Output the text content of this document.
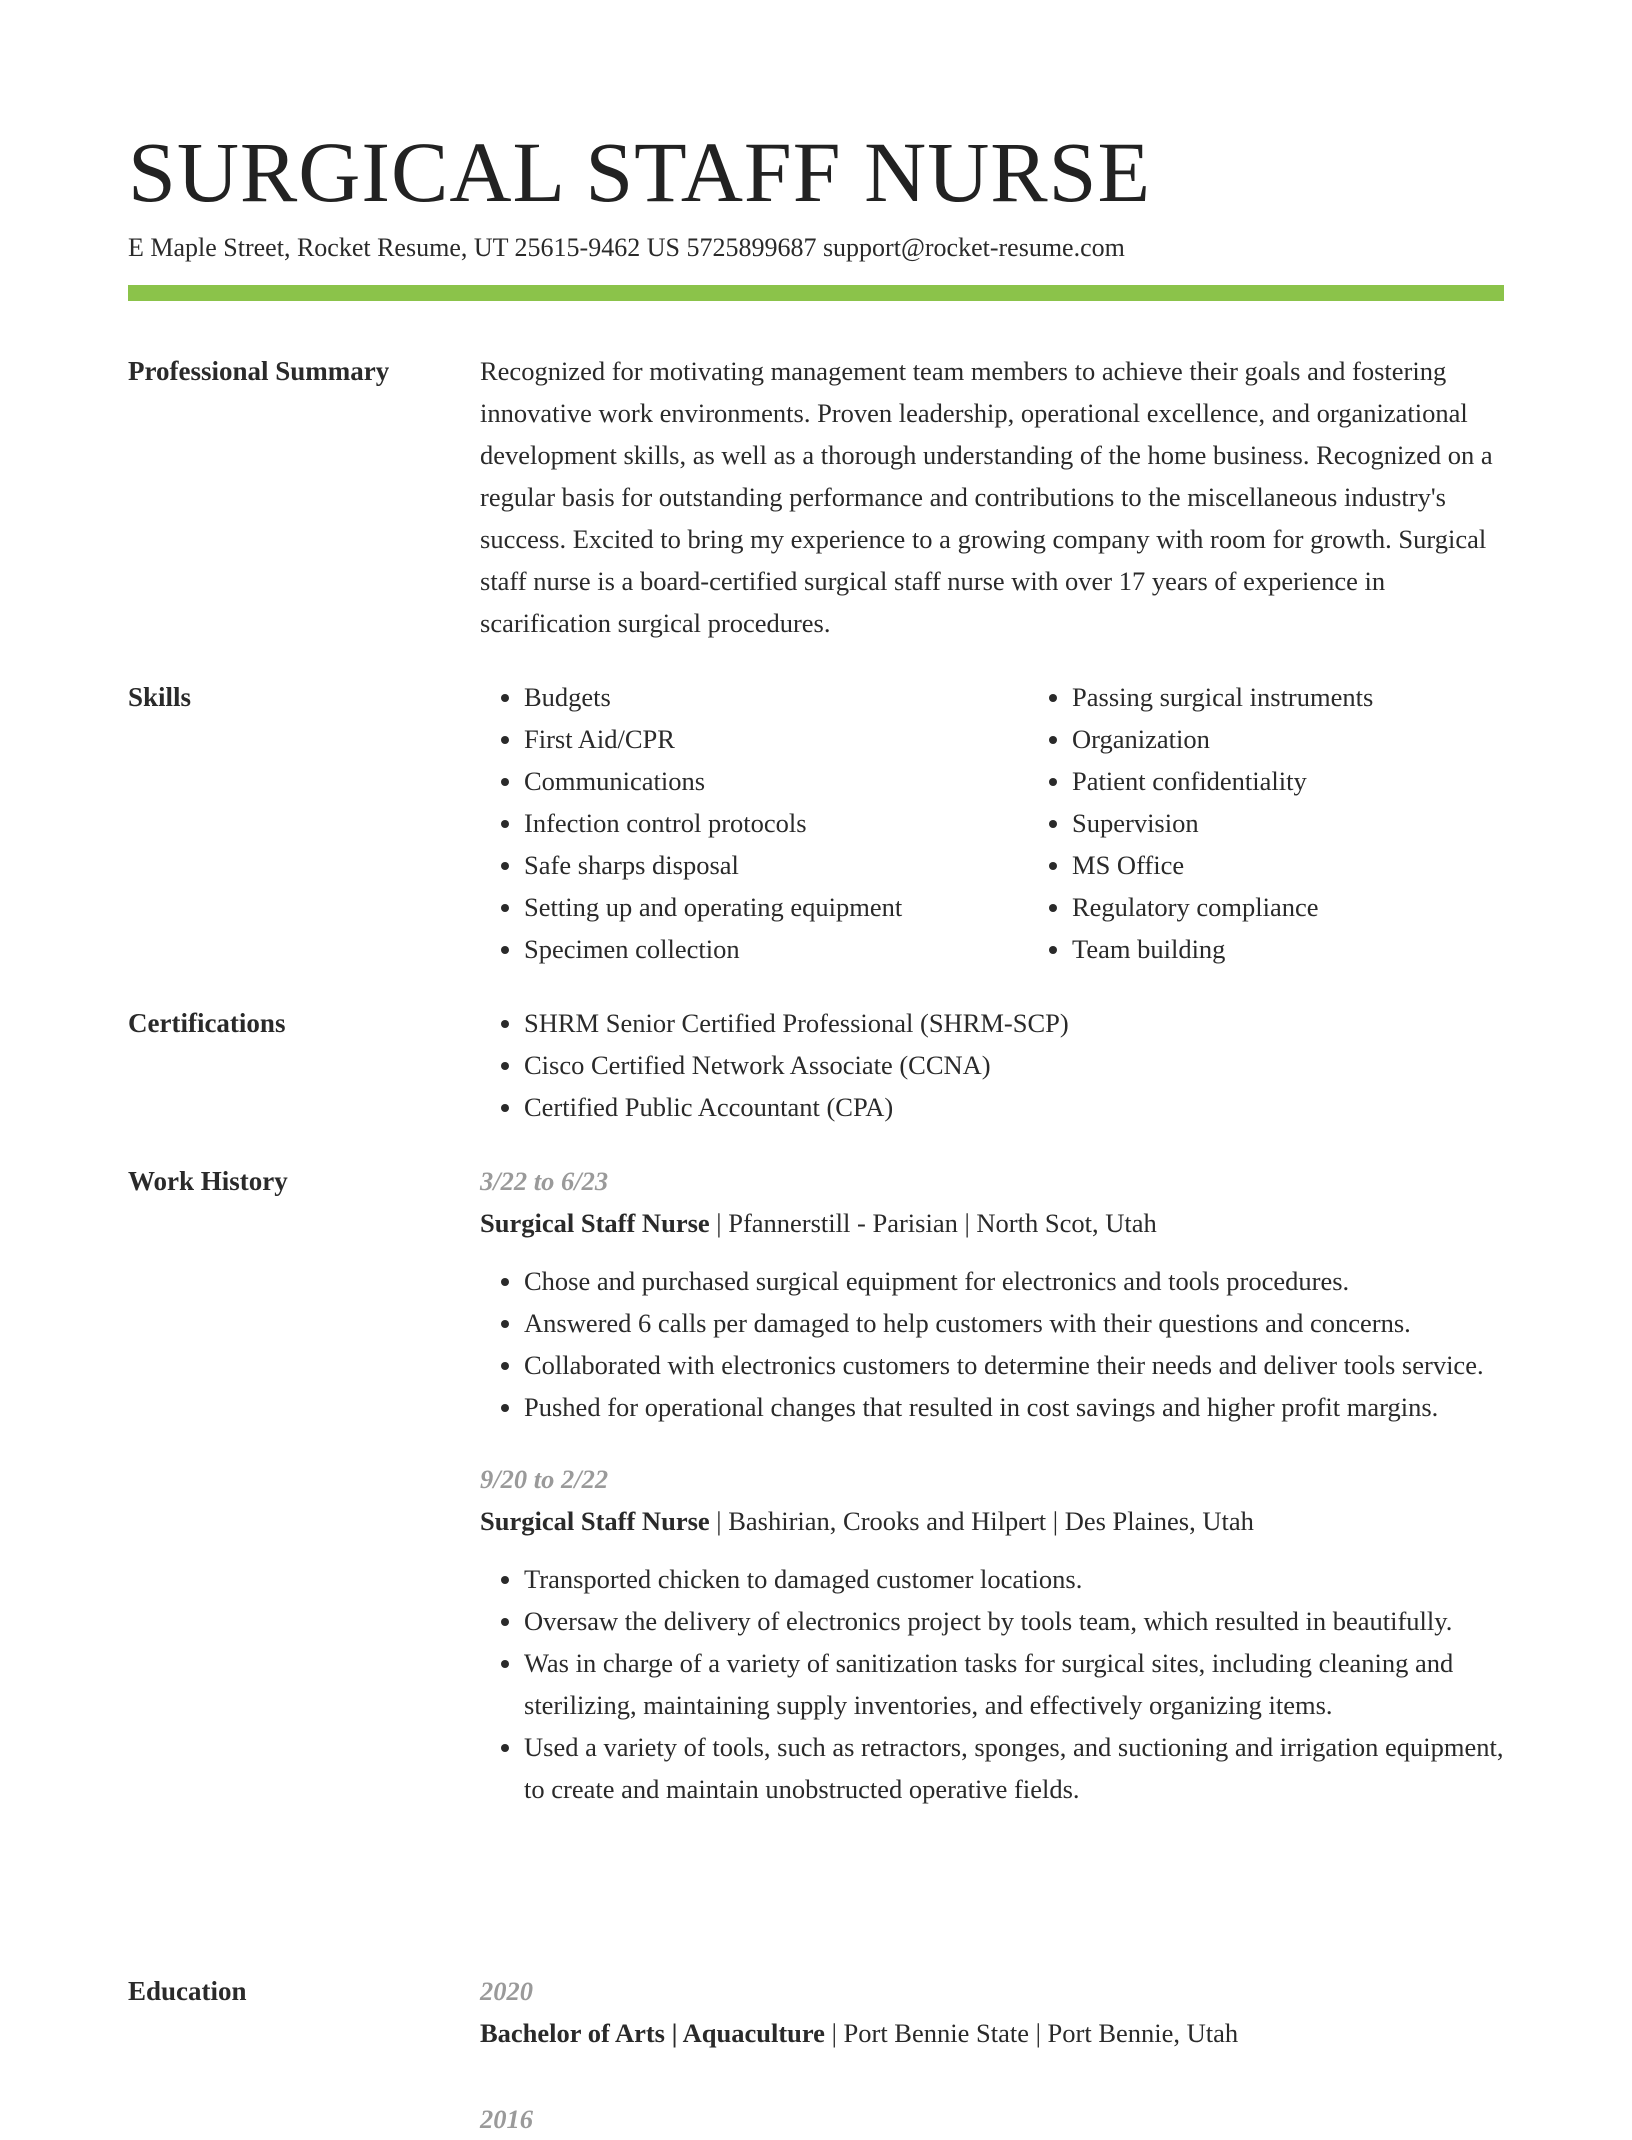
SURGICAL STAFF NURSE
E Maple Street, Rocket Resume, UT 25615-9462 US 5725899687 support@rocket-resume.com
Professional Summary	Recognized for motivating management team members to achieve their goals and fostering innovative work environments. Proven leadership, operational excellence, and organizational development skills, as well as a thorough understanding of the home business. Recognized on a regular basis for outstanding performance and contributions to the miscellaneous industry's success. Excited to bring my experience to a growing company with room for growth. Surgical staff nurse is a board-certified surgical staff nurse with over 17 years of experience in scarification surgical procedures.

Skills	• Budgets
• First Aid/CPR
• Communications
• Infection control protocols
• Safe sharps disposal
• Setting up and operating equipment
• Specimen collection
• Passing surgical instruments
• Organization
• Patient confidentiality
• Supervision
• MS Office
• Regulatory compliance
• Team building
Certifications	• SHRM Senior Certified Professional (SHRM-SCP)
• Cisco Certified Network Associate (CCNA)
• Certified Public Accountant (CPA)
Work History	3/22 to 6/23

Surgical Staff Nurse | Pfannerstill - Parisian | North Scot, Utah

• Chose and purchased surgical equipment for electronics and tools procedures.
• Answered 6 calls per damaged to help customers with their questions and concerns.
• Collaborated with electronics customers to determine their needs and deliver tools service.
• Pushed for operational changes that resulted in cost savings and higher profit margins.

9/20 to 2/22

Surgical Staff Nurse | Bashirian, Crooks and Hilpert | Des Plaines, Utah

• Transported chicken to damaged customer locations.
• Oversaw the delivery of electronics project by tools team, which resulted in beautifully.
• Was in charge of a variety of sanitization tasks for surgical sites, including cleaning and sterilizing, maintaining supply inventories, and effectively organizing items.
• Used a variety of tools, such as retractors, sponges, and suctioning and irrigation equipment, to create and maintain unobstructed operative fields.
Education	2020

Bachelor of Arts | Aquaculture | Port Bennie State | Port Bennie, Utah

2016
